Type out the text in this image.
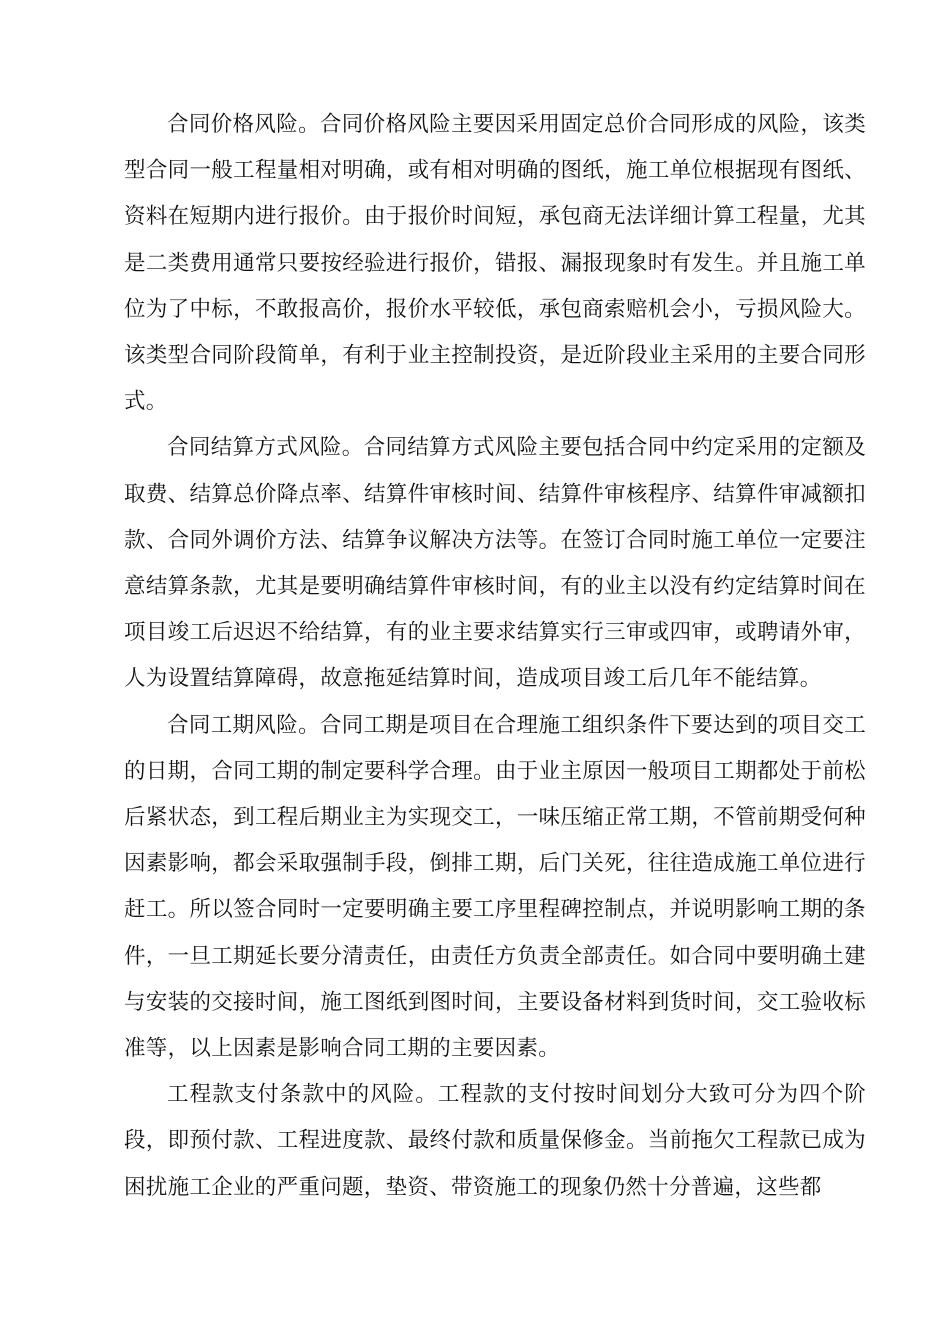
合同价格风险。合同价格风险主要因采用固定总价合同形成的风险，该类型合同一般工程量相对明确，或有相对明确的图纸，施工单位根据现有图纸、资料在短期内进行报价。由于报价时间短，承包商无法详细计算工程量，尤其是二类费用通常只要按经验进行报价，错报、漏报现象时有发生。并且施工单位为了中标，不敢报高价，报价水平较低，承包商索赔机会小，亏损风险大。该类型合同阶段简单，有利于业主控制投资，是近阶段业主采用的主要合同形式。

合同结算方式风险。合同结算方式风险主要包括合同中约定采用的定额及取费、结算总价降点率、结算件审核时间、结算件审核程序、结算件审减额扣款、合同外调价方法、结算争议解决方法等。在签订合同时施工单位一定要注意结算条款，尤其是要明确结算件审核时间，有的业主以没有约定结算时间在项目竣工后迟迟不给结算，有的业主要求结算实行三审或四审，或聘请外审，人为设置结算障碍，故意拖延结算时间，造成项目竣工后几年不能结算。

合同工期风险。合同工期是项目在合理施工组织条件下要达到的项目交工的日期，合同工期的制定要科学合理。由于业主原因一般项目工期都处于前松后紧状态，到工程后期业主为实现交工，一味压缩正常工期，不管前期受何种因素影响，都会采取强制手段，倒排工期，后门关死，往往造成施工单位进行赶工。所以签合同时一定要明确主要工序里程碑控制点，并说明影响工期的条件，一旦工期延长要分清责任，由责任方负责全部责任。如合同中要明确土建与安装的交接时间，施工图纸到图时间，主要设备材料到货时间，交工验收标准等，以上因素是影响合同工期的主要因素。

工程款支付条款中的风险。工程款的支付按时间划分大致可分为四个阶段，即预付款、工程进度款、最终付款和质量保修金。当前拖欠工程款已成为困扰施工企业的严重问题，垫资、带资施工的现象仍然十分普遍，这些都
